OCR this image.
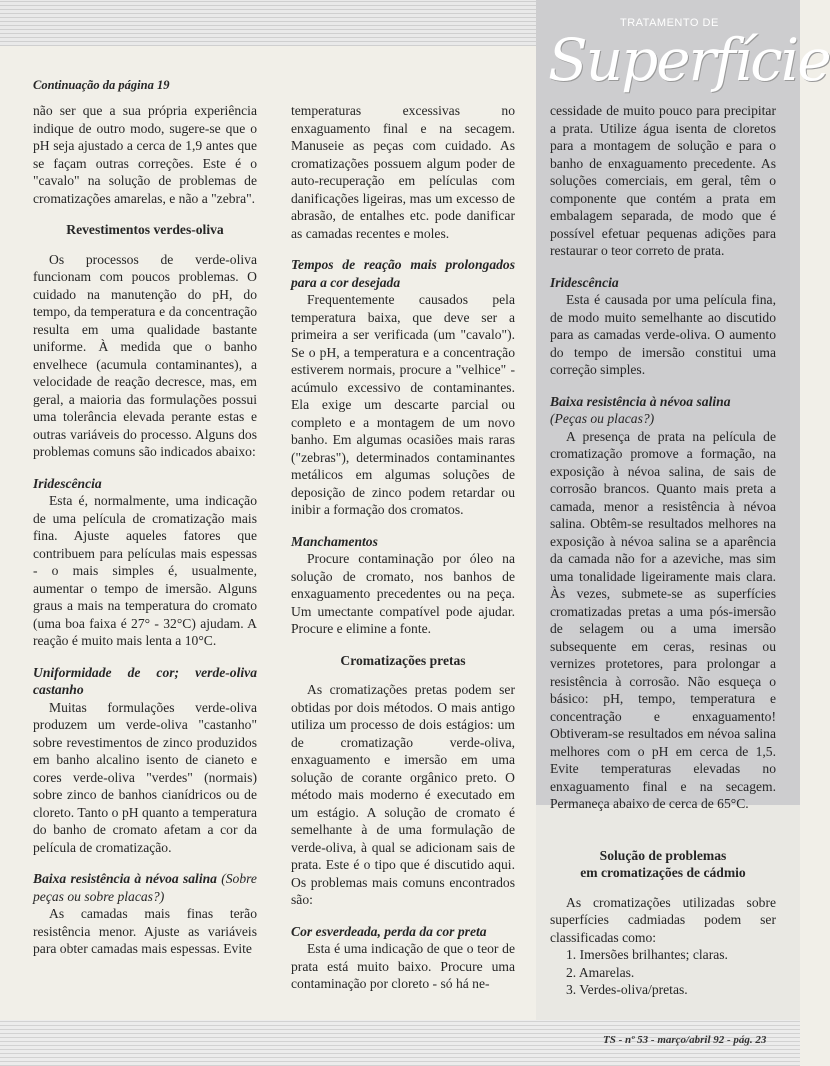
TRATAMENTO DE
Superfície
Continuação da página 19

não ser que a sua própria experiência indique de outro modo, sugere-se que o pH seja ajustado a cerca de 1,9 antes que se façam outras correções. Este é o "cavalo" na solução de problemas de cromatizações amarelas, e não a "zebra".

Revestimentos verdes-oliva

Os processos de verde-oliva funcionam com poucos problemas. O cuidado na manutenção do pH, do tempo, da temperatura e da concentração resulta em uma qualidade bastante uniforme. À medida que o banho envelhece (acumula contaminantes), a velocidade de reação decresce, mas, em geral, a maioria das formulações possui uma tolerância elevada perante estas e outras variáveis do processo. Alguns dos problemas comuns são indicados abaixo:

Iridescência

Esta é, normalmente, uma indicação de uma película de cromatização mais fina. Ajuste aqueles fatores que contribuem para películas mais espessas - o mais simples é, usualmente, aumentar o tempo de imersão. Alguns graus a mais na temperatura do cromato (uma boa faixa é 27° - 32°C) ajudam. A reação é muito mais lenta a 10°C.

Uniformidade de cor; verde-oliva castanho

Muitas formulações verde-oliva produzem um verde-oliva "castanho" sobre revestimentos de zinco produzidos em banho alcalino isento de cianeto e cores verde-oliva "verdes" (normais) sobre zinco de banhos cianídricos ou de cloreto. Tanto o pH quanto a temperatura do banho de cromato afetam a cor da película de cromatização.

Baixa resistência à névoa salina (Sobre peças ou sobre placas?)

As camadas mais finas terão resistência menor. Ajuste as variáveis para obter camadas mais espessas. Evite

temperaturas excessivas no enxaguamento final e na secagem. Manuseie as peças com cuidado. As cromatizações possuem algum poder de auto-recuperação em películas com danificações ligeiras, mas um excesso de abrasão, de entalhes etc. pode danificar as camadas recentes e moles.

Tempos de reação mais prolongados para a cor desejada

Frequentemente causados pela temperatura baixa, que deve ser a primeira a ser verificada (um "cavalo"). Se o pH, a temperatura e a concentração estiverem normais, procure a "velhice" - acúmulo excessivo de contaminantes. Ela exige um descarte parcial ou completo e a montagem de um novo banho. Em algumas ocasiões mais raras ("zebras"), determinados contaminantes metálicos em algumas soluções de deposição de zinco podem retardar ou inibir a formação dos cromatos.

Manchamentos

Procure contaminação por óleo na solução de cromato, nos banhos de enxaguamento precedentes ou na peça. Um umectante compatível pode ajudar. Procure e elimine a fonte.

Cromatizações pretas

As cromatizações pretas podem ser obtidas por dois métodos. O mais antigo utiliza um processo de dois estágios: um de cromatização verde-oliva, enxaguamento e imersão em uma solução de corante orgânico preto. O método mais moderno é executado em um estágio. A solução de cromato é semelhante à de uma formulação de verde-oliva, à qual se adicionam sais de prata. Este é o tipo que é discutido aqui. Os problemas mais comuns encontrados são:

Cor esverdeada, perda da cor preta

Esta é uma indicação de que o teor de prata está muito baixo. Procure uma contaminação por cloreto - só há ne-

cessidade de muito pouco para precipitar a prata. Utilize água isenta de cloretos para a montagem de solução e para o banho de enxaguamento precedente. As soluções comerciais, em geral, têm o componente que contém a prata em embalagem separada, de modo que é possível efetuar pequenas adições para restaurar o teor correto de prata.

Iridescência

Esta é causada por uma película fina, de modo muito semelhante ao discutido para as camadas verde-oliva. O aumento do tempo de imersão constitui uma correção simples.

Baixa resistência à névoa salina

(Peças ou placas?)

A presença de prata na película de cromatização promove a formação, na exposição à névoa salina, de sais de corrosão brancos. Quanto mais preta a camada, menor a resistência à névoa salina. Obtêm-se resultados melhores na exposição à névoa salina se a aparência da camada não for a azeviche, mas sim uma tonalidade ligeiramente mais clara. Às vezes, submete-se as superfícies cromatizadas pretas a uma pós-imersão de selagem ou a uma imersão subsequente em ceras, resinas ou vernizes protetores, para prolongar a resistência à corrosão. Não esqueça o básico: pH, tempo, temperatura e concentração e enxaguamento! Obtiveram-se resultados em névoa salina melhores com o pH em cerca de 1,5. Evite temperaturas elevadas no enxaguamento final e na secagem. Permaneça abaixo de cerca de 65°C.

Solução de problemas

em cromatizações de cádmio

As cromatizações utilizadas sobre superfícies cadmiadas podem ser classificadas como:

1. Imersões brilhantes; claras.

2. Amarelas.

3. Verdes-oliva/pretas.

TS - nº 53 - março/abril 92 - pág. 23
